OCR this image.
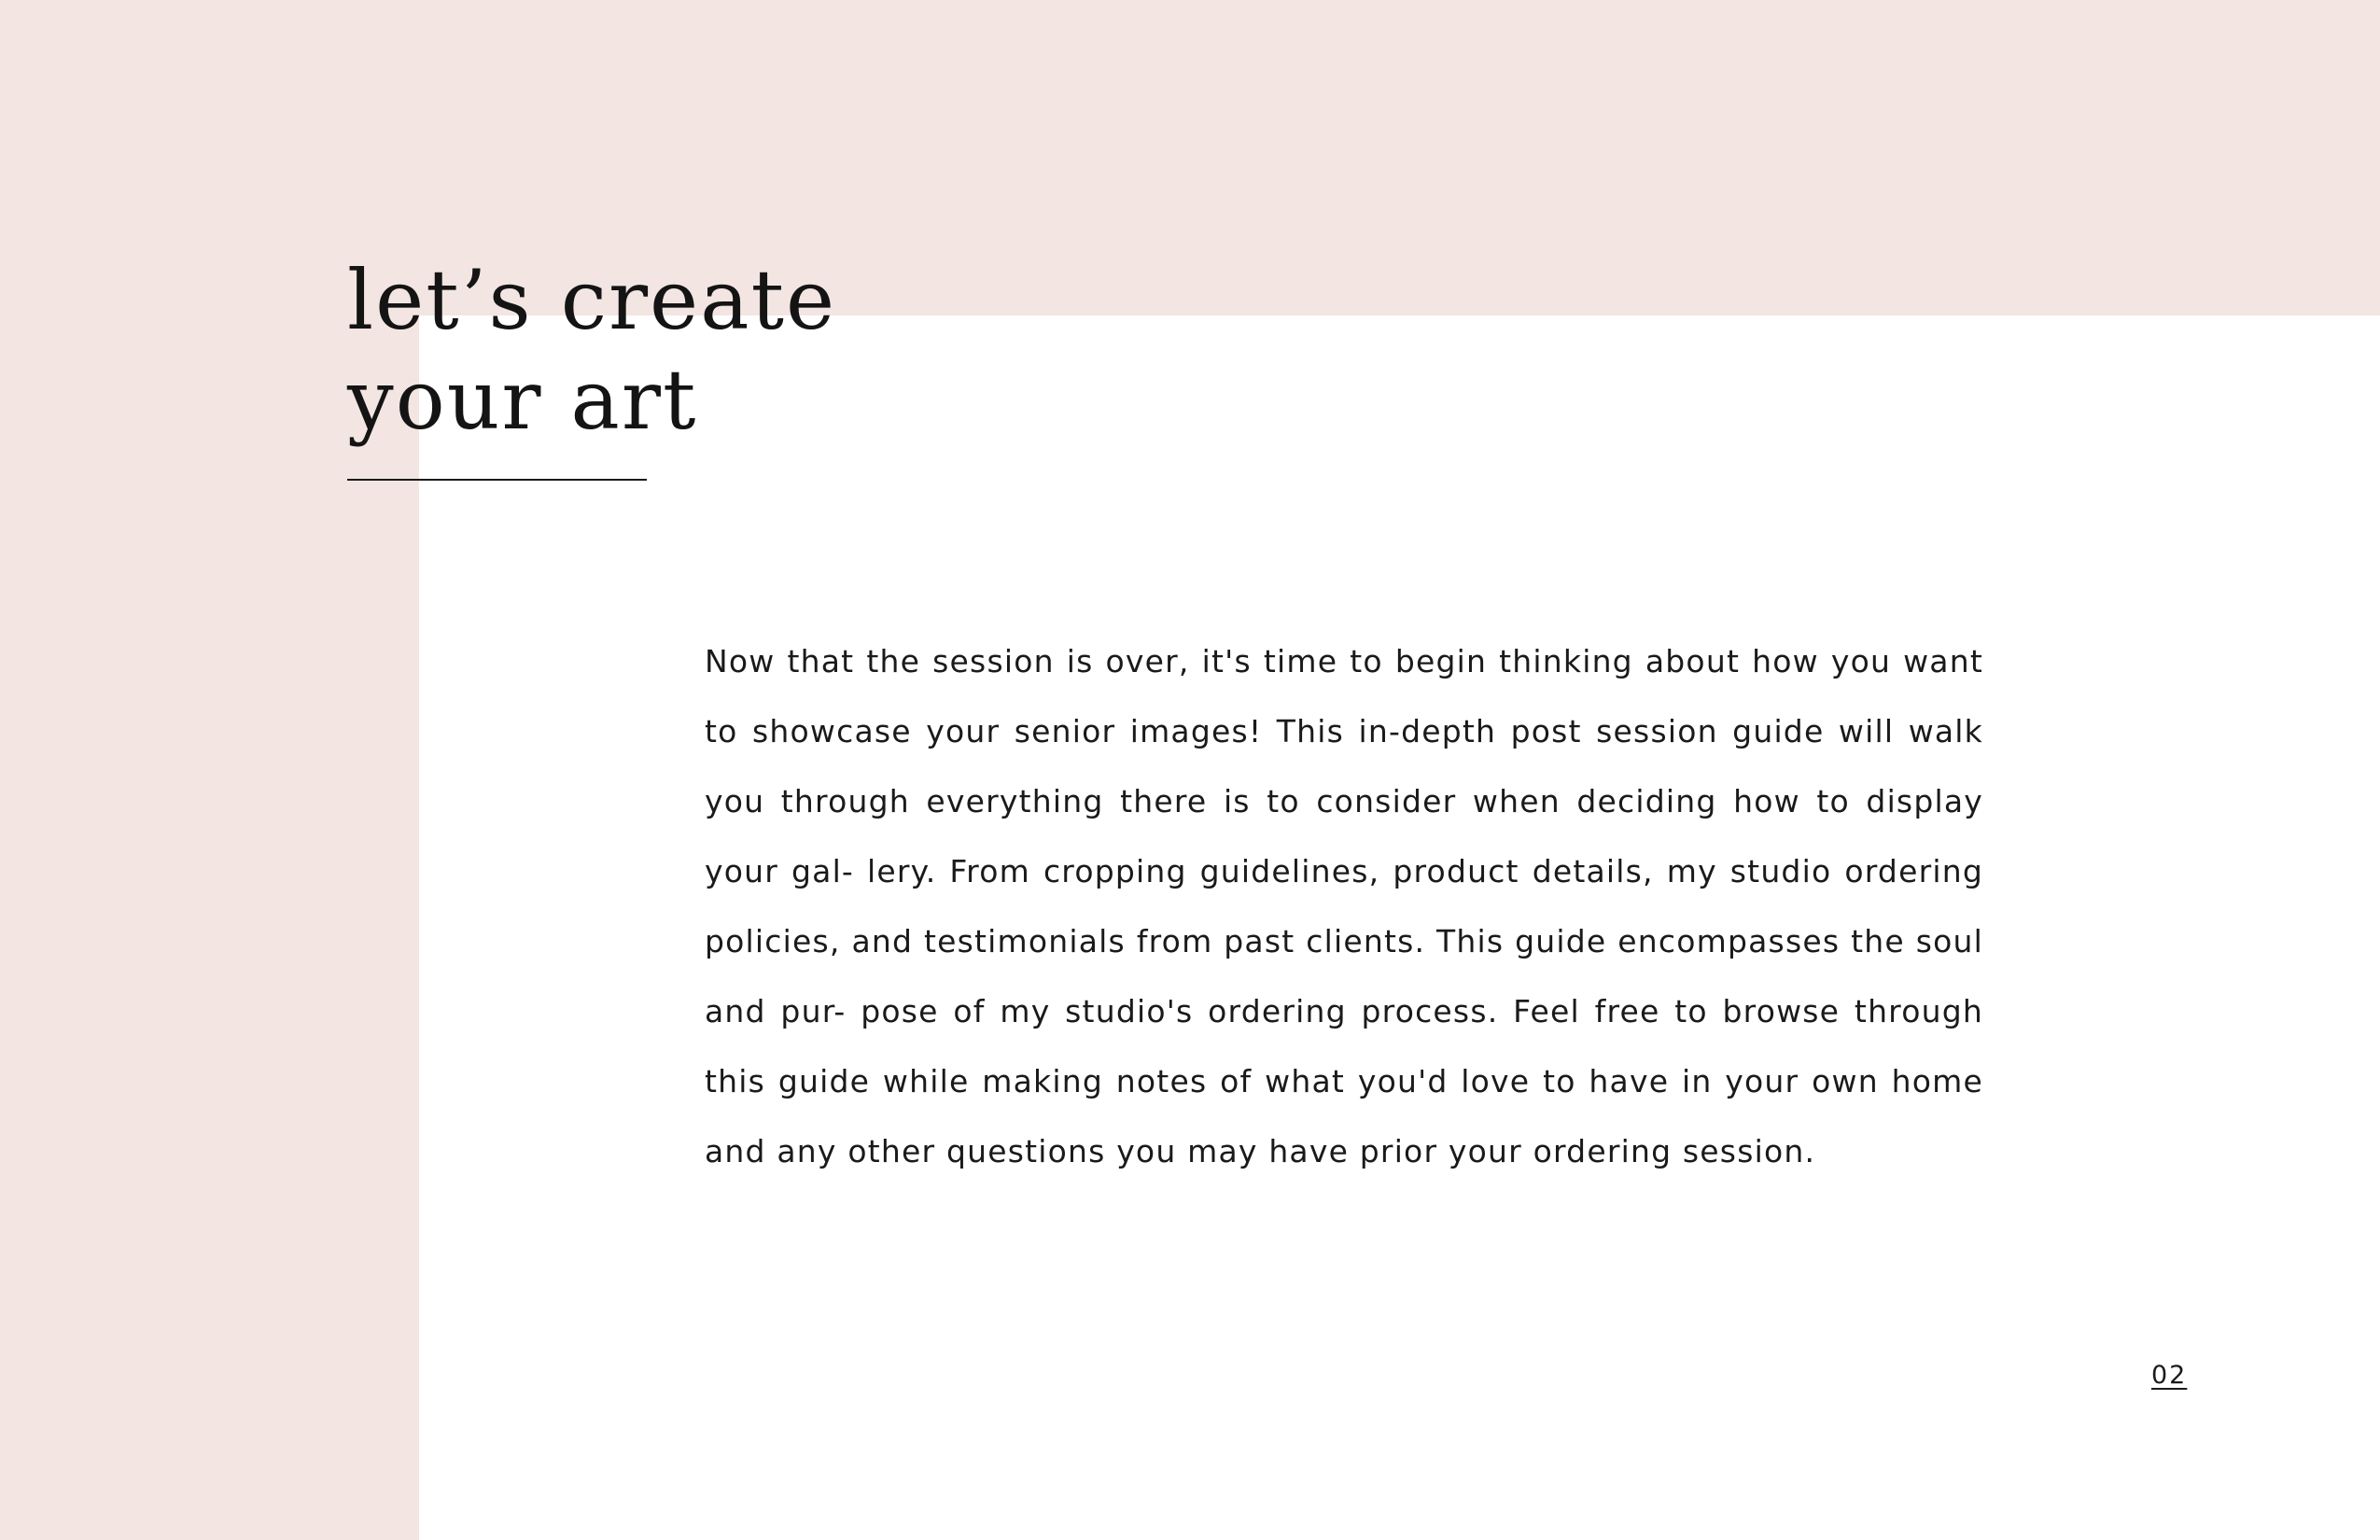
let’s create
your art

Now that the session is over, it's time to begin thinking about how you want to showcase your senior images! This in-depth post session guide will walk you through everything there is to consider when deciding how to display your gal- lery. From cropping guidelines, product details, my studio ordering policies, and testimonials from past clients. This guide encompasses the soul and pur- pose of my studio's ordering process. Feel free to browse through this guide while making notes of what you'd love to have in your own home and any other questions you may have prior your ordering session.

02
